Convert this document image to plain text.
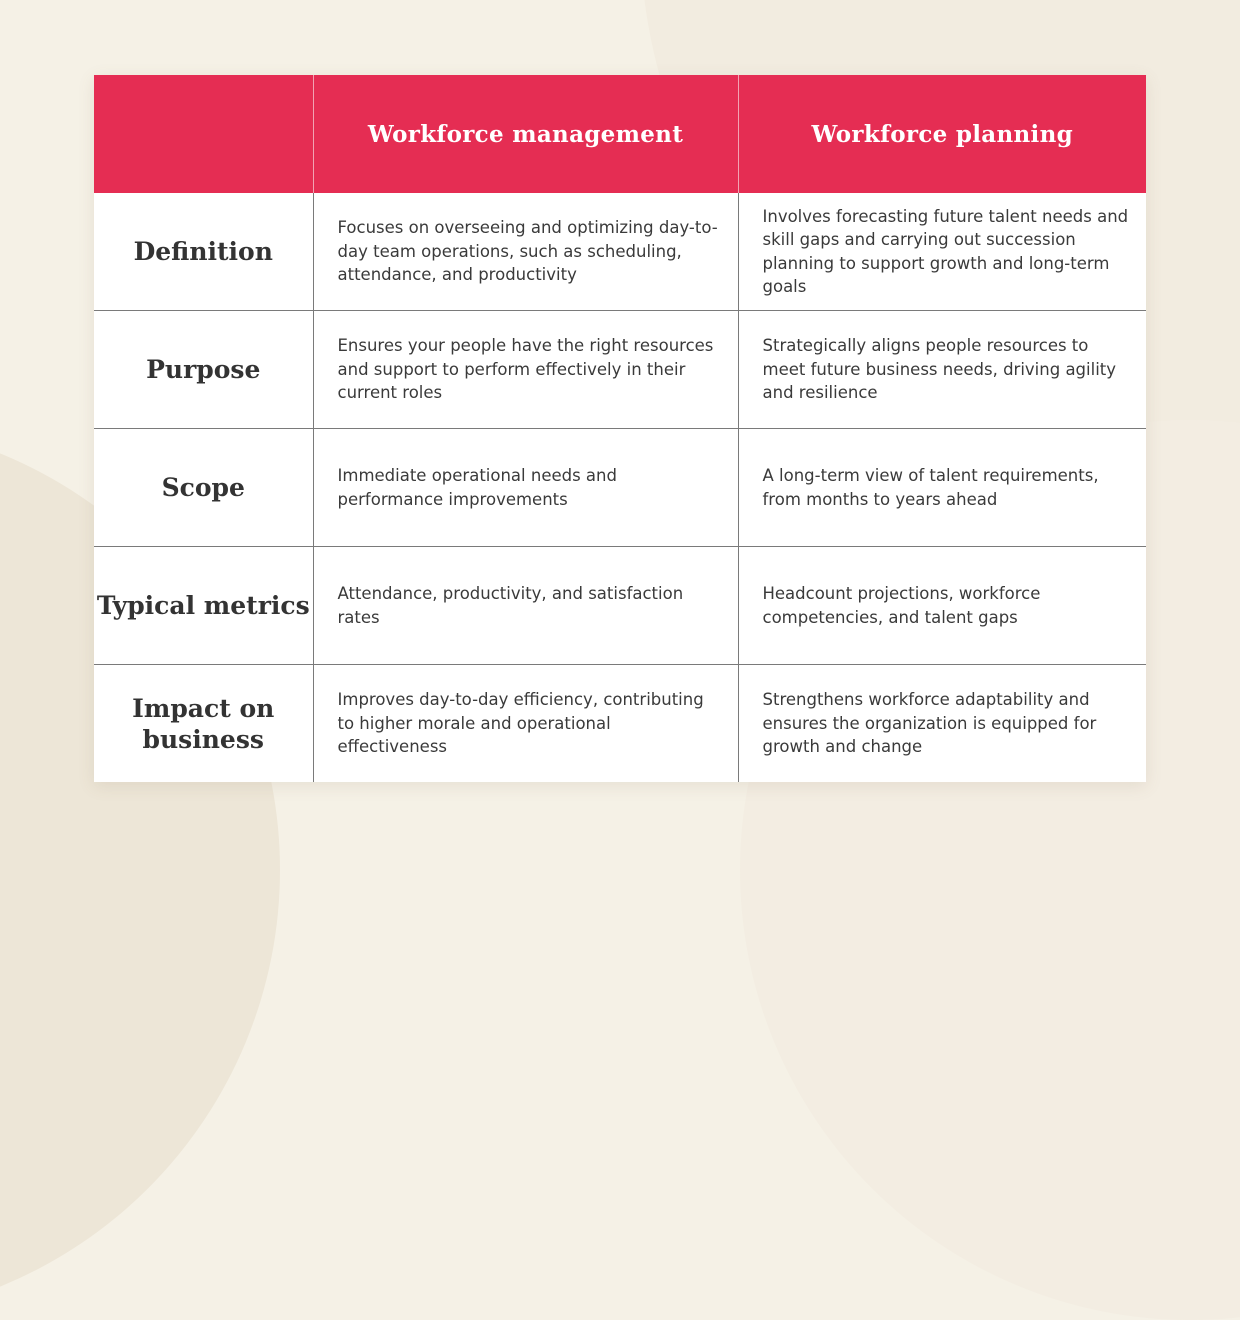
	Workforce management	Workforce planning
Definition	Focuses on overseeing and optimizing day-to-day team operations, such as scheduling, attendance, and productivity	Involves forecasting future talent needs and skill gaps and carrying out succession planning to support growth and long-term goals

Purpose	Ensures your people have the right resources and support to perform effectively in their current roles	Strategically aligns people resources to meet future business needs, driving agility and resilience

Scope	Immediate operational needs and performance improvements	A long-term view of talent requirements, from months to years ahead

Typical metrics	Attendance, productivity, and satisfaction rates	Headcount projections, workforce competencies, and talent gaps

Impact on business	Improves day-to-day efficiency, contributing to higher morale and operational effectiveness	Strengthens workforce adaptability and ensures the organization is equipped for growth and change
